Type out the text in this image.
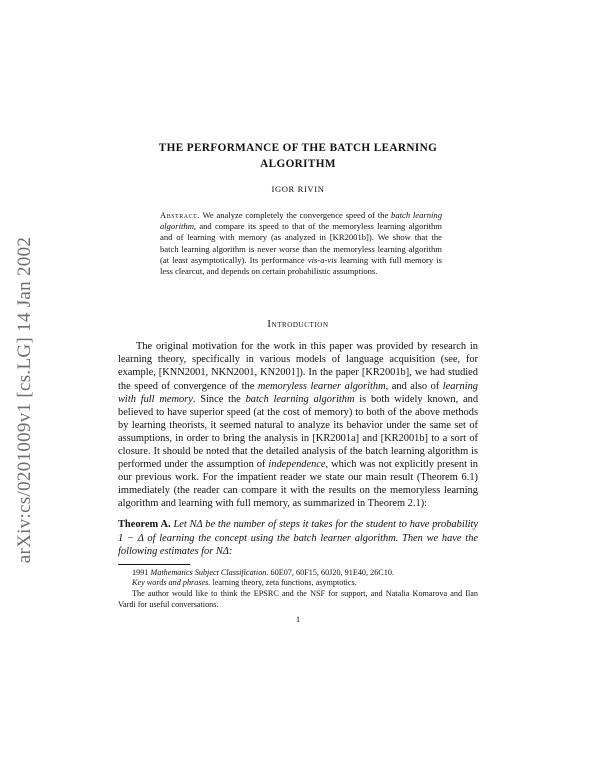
arXiv:cs/0201009v1 [cs.LG] 14 Jan 2002
THE PERFORMANCE OF THE BATCH LEARNING
ALGORITHM
IGOR RIVIN
Abstract. We analyze completely the convergence speed of the batch learning algorithm, and compare its speed to that of the memoryless learning algorithm and of learning with memory (as analyzed in [KR2001b]). We show that the batch learning algorithm is never worse than the memoryless learning algorithm (at least asymptotically). Its performance vis-a-vis learning with full memory is less clearcut, and depends on certain probabilistic assumptions.
Introduction
The original motivation for the work in this paper was provided by research in learning theory, specifically in various models of language acquisition (see, for example, [KNN2001, NKN2001, KN2001]). In the paper [KR2001b], we had studied the speed of convergence of the memoryless learner algorithm, and also of learning with full memory. Since the batch learning algorithm is both widely known, and believed to have superior speed (at the cost of memory) to both of the above methods by learning theorists, it seemed natural to analyze its behavior under the same set of assumptions, in order to bring the analysis in [KR2001a] and [KR2001b] to a sort of closure. It should be noted that the detailed analysis of the batch learning algorithm is performed under the assumption of independence, which was not explicitly present in our previous work. For the impatient reader we state our main result (Theorem 6.1) immediately (the reader can compare it with the results on the memoryless learning algorithm and learning with full memory, as summarized in Theorem 2.1):
Theorem A. Let NΔ be the number of steps it takes for the student to have probability 1 − Δ of learning the concept using the batch learner algorithm. Then we have the following estimates for NΔ:

1991 Mathematics Subject Classification. 60E07, 60F15, 60J20, 91E40, 26C10.

Key words and phrases. learning theory, zeta functions, asymptotics.

The author would like to think the EPSRC and the NSF for support, and Natalia Komarova and Ilan Vardi for useful conversations.

1
